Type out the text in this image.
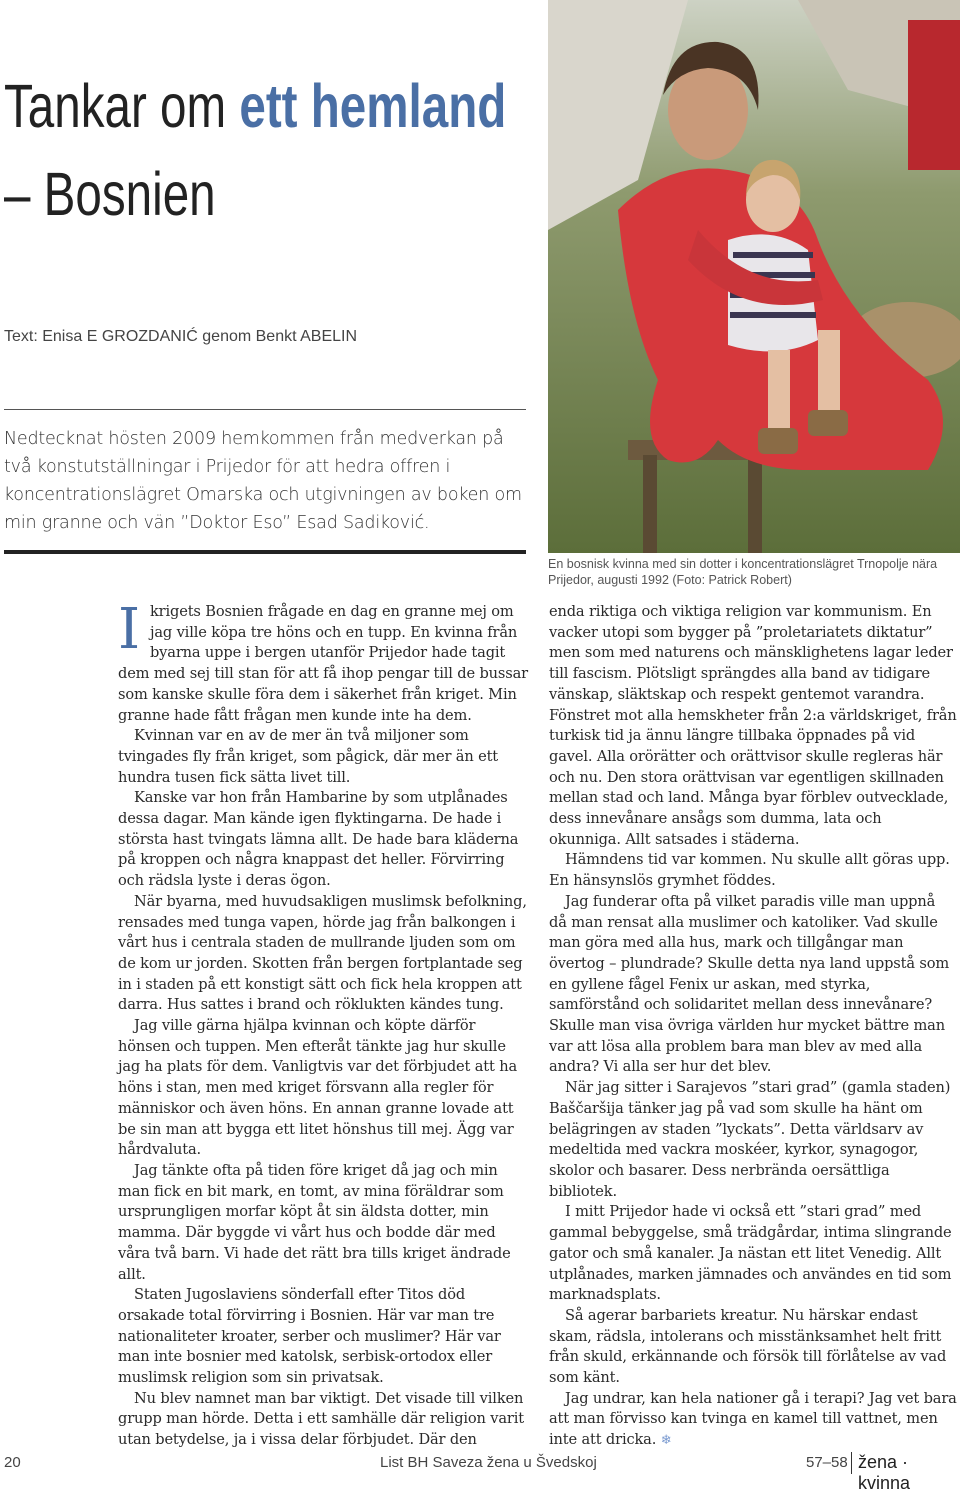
Tankar om ett hemland
– Bosnien
Text: Enisa E GROZDANIĆ genom Benkt ABELIN
Nedtecknat hösten 2009 hemkommen från medverkan på två konstutställningar i Prijedor för att hedra offren i koncentrationslägret Omarska och utgivningen av boken om min granne och vän ”Doktor Eso” Esad Sadiković.
En bosnisk kvinna med sin dotter i koncentrationslägret Trnopolje nära Prijedor, augusti 1992 (Foto: Patrick Robert)

Ikrigets Bosnien frågade en dag en granne mej om jag ville köpa tre höns och en tupp. En kvinna från byarna uppe i bergen utanför Prijedor hade tagit dem med sej till stan för att få ihop pengar till de bussar som kanske skulle föra dem i säkerhet från kriget. Min granne hade fått frågan men kunde inte ha dem.

Kvinnan var en av de mer än två miljoner som tvingades fly från kriget, som pågick, där mer än ett hundra tusen fick sätta livet till.

Kanske var hon från Hambarine by som utplånades dessa dagar. Man kände igen flyktingarna. De hade i största hast tvingats lämna allt. De hade bara kläderna på kroppen och några knappast det heller. Förvirring och rädsla lyste i deras ögon.

När byarna, med huvudsakligen muslimsk befolkning, rensades med tunga vapen, hörde jag från balkongen i vårt hus i centrala staden de mullrande ljuden som om de kom ur jorden. Skotten från bergen fortplantade seg in i staden på ett konstigt sätt och fick hela kroppen att darra. Hus sattes i brand och röklukten kändes tung.

Jag ville gärna hjälpa kvinnan och köpte därför hönsen och tuppen. Men efteråt tänkte jag hur skulle jag ha plats för dem. Vanligtvis var det förbjudet att ha höns i stan, men med kriget försvann alla regler för människor och även höns. En annan granne lovade att be sin man att bygga ett litet hönshus till mej. Ägg var hårdvaluta.

Jag tänkte ofta på tiden före kriget då jag och min man fick en bit mark, en tomt, av mina föräldrar som ursprungligen morfar köpt åt sin äldsta dotter, min mamma. Där byggde vi vårt hus och bodde där med våra två barn. Vi hade det rätt bra tills kriget ändrade allt.

Staten Jugoslaviens sönderfall efter Titos död orsakade total förvirring i Bosnien. Här var man tre nationaliteter kroater, serber och muslimer? Här var man inte bosnier med katolsk, serbisk-ortodox eller muslimsk religion som sin privatsak.

Nu blev namnet man bar viktigt. Det visade till vilken grupp man hörde. Detta i ett samhälle där religion varit utan betydelse, ja i vissa delar förbjudet. Där den

enda riktiga och viktiga religion var kommunism. En vacker utopi som bygger på ”proletariatets diktatur” men som med naturens och mänsklighetens lagar leder till fascism. Plötsligt sprängdes alla band av tidigare vänskap, släktskap och respekt gentemot varandra. Fönstret mot alla hemskheter från 2:a världskriget, från turkisk tid ja ännu längre tillbaka öppnades på vid gavel. Alla orörätter och orättvisor skulle regleras här och nu. Den stora orättvisan var egentligen skillnaden mellan stad och land. Många byar förblev outvecklade, dess innevånare ansågs som dumma, lata och okunniga. Allt satsades i städerna.

Hämndens tid var kommen. Nu skulle allt göras upp. En hänsynslös grymhet föddes.

Jag funderar ofta på vilket paradis ville man uppnå då man rensat alla muslimer och katoliker. Vad skulle man göra med alla hus, mark och tillgångar man övertog – plundrade? Skulle detta nya land uppstå som en gyllene fågel Fenix ur askan, med styrka, samförstånd och solidaritet mellan dess innevånare? Skulle man visa övriga världen hur mycket bättre man var att lösa alla problem bara man blev av med alla andra? Vi alla ser hur det blev.

När jag sitter i Sarajevos ”stari grad” (gamla staden) Baščaršija tänker jag på vad som skulle ha hänt om belägringen av staden ”lyckats”. Detta världsarv av medeltida med vackra moskéer, kyrkor, synagogor, skolor och basarer. Dess nerbrända oersättliga bibliotek.

I mitt Prijedor hade vi också ett ”stari grad” med gammal bebyggelse, små trädgårdar, intima slingrande gator och små kanaler. Ja nästan ett litet Venedig. Allt utplånades, marken jämnades och användes en tid som marknadsplats.

Så agerar barbariets kreatur. Nu härskar endast skam, rädsla, intolerans och misstänksamhet helt fritt från skuld, erkännande och försök till förlåtelse av vad som känt.

Jag undrar, kan hela nationer gå i terapi? Jag vet bara att man förvisso kan tvinga en kamel till vattnet, men inte att dricka. ❄

20	List BH Saveza žena u Švedskoj	57–58 žena · kvinna
